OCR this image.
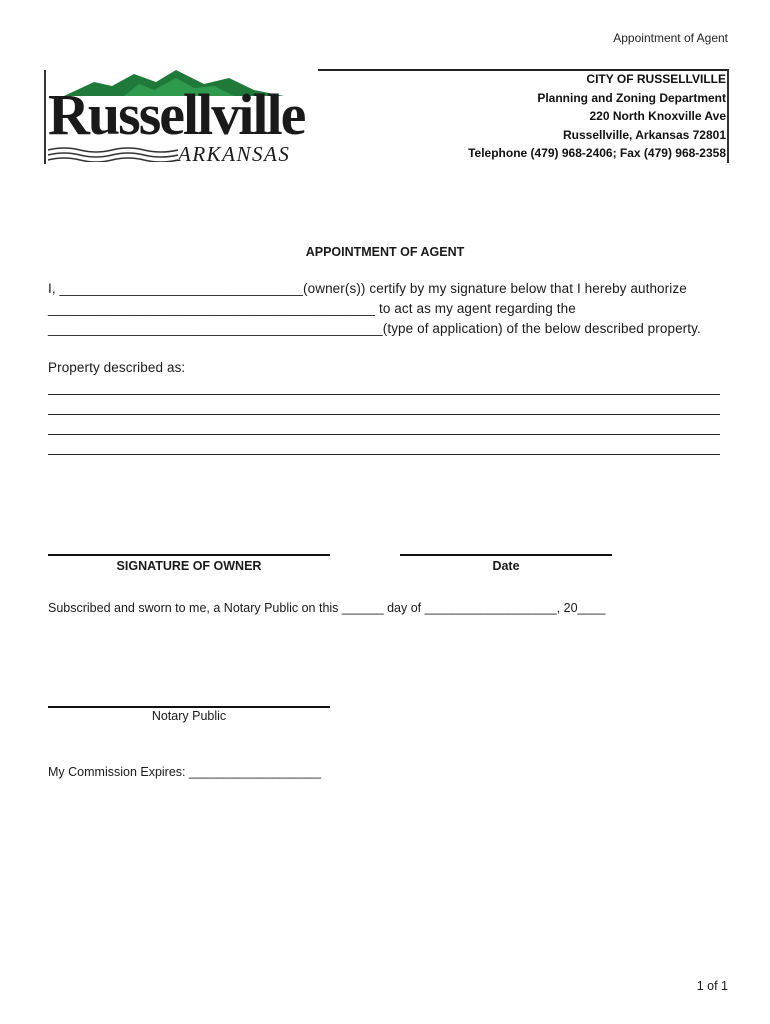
Appointment of Agent
Russellville
ARKANSAS
CITY OF RUSSELLVILLE
Planning and Zoning Department
220 North Knoxville Ave
Russellville, Arkansas 72801
Telephone (479) 968-2406; Fax (479) 968-2358
APPOINTMENT OF AGENT
I, ________________________________(owner(s)) certify by my signature below that I hereby authorize
___________________________________________ to act as my agent regarding the
____________________________________________(type of application) of the below described property.
Property described as:
SIGNATURE OF OWNER	Date
Subscribed and sworn to me, a Notary Public on this ______ day of ___________________, 20____
Notary Public
My Commission Expires: ___________________
1 of 1
